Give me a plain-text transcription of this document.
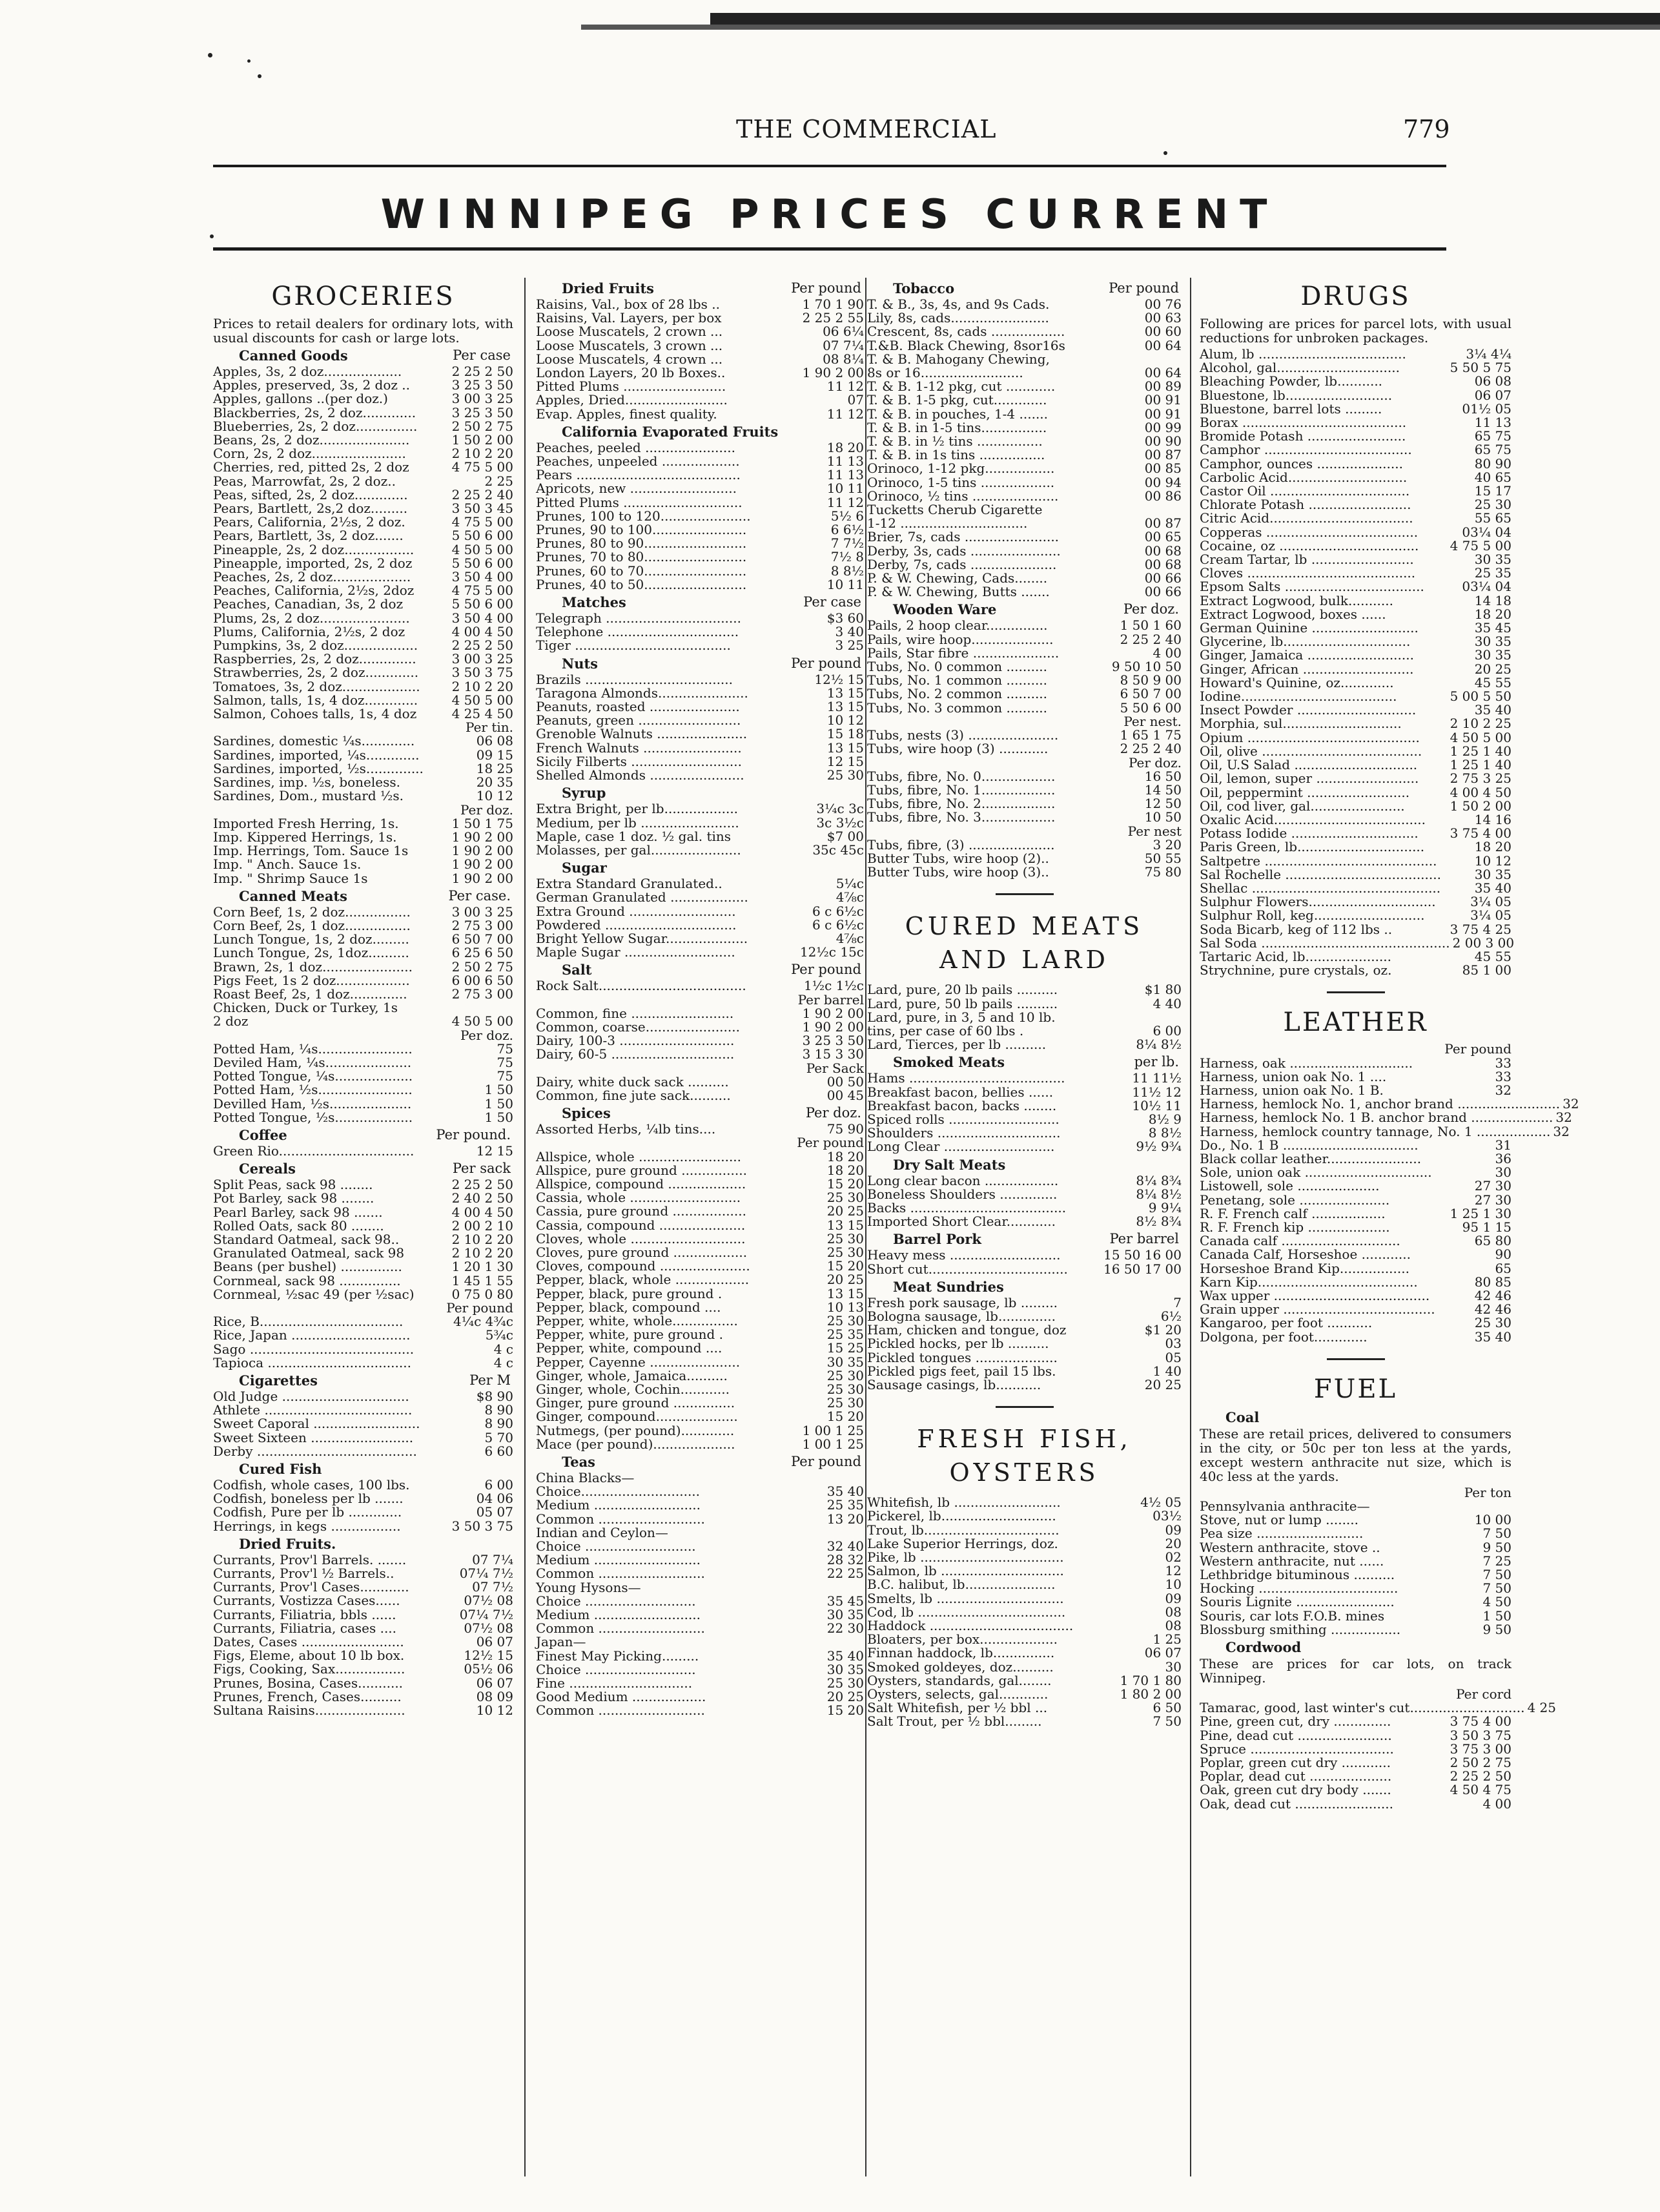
THE COMMERCIAL	779
WINNIPEG PRICES CURRENT
GROCERIES
Prices to retail dealers for ordinary lots, with usual discounts for cash or large lots.
Canned Goods	Per case
Apples, 3s, 2 doz...................	2 25 2 50
Apples, preserved, 3s, 2 doz ..	3 25 3 50
Apples, gallons ..(per doz.)	3 00 3 25
Blackberries, 2s, 2 doz.............	3 25 3 50
Blueberries, 2s, 2 doz...............	2 50 2 75
Beans, 2s, 2 doz......................	1 50 2 00
Corn, 2s, 2 doz.......................	2 10 2 20
Cherries, red, pitted 2s, 2 doz	4 75 5 00
Peas, Marrowfat, 2s, 2 doz..	2 25
Peas, sifted, 2s, 2 doz.............	2 25 2 40
Pears, Bartlett, 2s,2 doz.........	3 50 3 45
Pears, California, 2½s, 2 doz.	4 75 5 00
Pears, Bartlett, 3s, 2 doz.......	5 50 6 00
Pineapple, 2s, 2 doz.................	4 50 5 00
Pineapple, imported, 2s, 2 doz	5 50 6 00
Peaches, 2s, 2 doz...................	3 50 4 00
Peaches, California, 2½s, 2doz	4 75 5 00
Peaches, Canadian, 3s, 2 doz	5 50 6 00
Plums, 2s, 2 doz......................	3 50 4 00
Plums, California, 2½s, 2 doz	4 00 4 50
Pumpkins, 3s, 2 doz..................	2 25 2 50
Raspberries, 2s, 2 doz..............	3 00 3 25
Strawberries, 2s, 2 doz.............	3 50 3 75
Tomatoes, 3s, 2 doz...................	2 10 2 20
Salmon, talls, 1s, 4 doz.............	4 50 5 00
Salmon, Cohoes talls, 1s, 4 doz	4 25 4 50
Per tin.
Sardines, domestic ¼s.............	06 08
Sardines, imported, ¼s.............	09 15
Sardines, imported, ½s..............	18 25
Sardines, imp. ½s, boneless.	20 35
Sardines, Dom., mustard ½s.	10 12
Per doz.
Imported Fresh Herring, 1s.	1 50 1 75
Imp. Kippered Herrings, 1s.	1 90 2 00
Imp. Herrings, Tom. Sauce 1s	1 90 2 00
Imp. " Anch. Sauce 1s.	1 90 2 00
Imp. " Shrimp Sauce 1s	1 90 2 00
Canned Meats	Per case.
Corn Beef, 1s, 2 doz................	3 00 3 25
Corn Beef, 2s, 1 doz................	2 75 3 00
Lunch Tongue, 1s, 2 doz.........	6 50 7 00
Lunch Tongue, 2s, 1doz..........	6 25 6 50
Brawn, 2s, 1 doz......................	2 50 2 75
Pigs Feet, 1s 2 doz..................	6 00 6 50
Roast Beef, 2s, 1 doz..............	2 75 3 00
Chicken, Duck or Turkey, 1s
2 doz	4 50 5 00
Per doz.
Potted Ham, ¼s.......................	75
Deviled Ham, ¼s.....................	75
Potted Tongue, ¼s...................	75
Potted Ham, ½s.......................	1 50
Devilled Ham, ½s....................	1 50
Potted Tongue, ½s...................	1 50
Coffee	Per pound.
Green Rio.................................	12 15
Cereals	Per sack
Split Peas, sack 98 ........	2 25 2 50
Pot Barley, sack 98 ........	2 40 2 50
Pearl Barley, sack 98 .......	4 00 4 50
Rolled Oats, sack 80 ........	2 00 2 10
Standard Oatmeal, sack 98..	2 10 2 20
Granulated Oatmeal, sack 98	2 10 2 20
Beans (per bushel) ...............	1 20 1 30
Cornmeal, sack 98 ...............	1 45 1 55
Cornmeal, ½sac 49 (per ½sac)	0 75 0 80
Per pound
Rice, B...................................	4¼c 4¾c
Rice, Japan .............................	5¾c
Sago ........................................	4 c
Tapioca ...................................	4 c
Cigarettes	Per M
Old Judge ...............................	$8 90
Athlete ....................................	8 90
Sweet Caporal ..........................	8 90
Sweet Sixteen .........................	5 70
Derby .......................................	6 60
Cured Fish
Codfish, whole cases, 100 lbs.	6 00
Codfish, boneless per lb .......	04 06
Codfish, Pure per lb .............	05 07
Herrings, in kegs .................	3 50 3 75
Dried Fruits.
Currants, Prov'l Barrels. .......	07 7¼
Currants, Prov'l ½ Barrels..	07¼ 7½
Currants, Prov'l Cases............	07 7½
Currants, Vostizza Cases......	07½ 08
Currants, Filiatria, bbls ......	07¼ 7½
Currants, Filiatria, cases ....	07½ 08
Dates, Cases .........................	06 07
Figs, Eleme, about 10 lb box.	12½ 15
Figs, Cooking, Sax.................	05½ 06
Prunes, Bosina, Cases...........	06 07
Prunes, French, Cases..........	08 09
Sultana Raisins......................	10 12
Dried Fruits	Per pound
Raisins, Val., box of 28 lbs ..	1 70 1 90
Raisins, Val. Layers, per box	2 25 2 55
Loose Muscatels, 2 crown ...	06 6¼
Loose Muscatels, 3 crown ...	07 7¼
Loose Muscatels, 4 crown ...	08 8¼
London Layers, 20 lb Boxes..	1 90 2 00
Pitted Plums .........................	11 12
Apples, Dried.........................	07
Evap. Apples, finest quality.	11 12
California Evaporated Fruits
Peaches, peeled ......................	18 20
Peaches, unpeeled ...................	11 13
Pears ........................................	11 13
Apricots, new ..........................	10 11
Pitted Plums .............................	11 12
Prunes, 100 to 120......................	5½ 6
Prunes, 90 to 100.......................	6 6½
Prunes, 80 to 90.........................	7 7½
Prunes, 70 to 80.........................	7½ 8
Prunes, 60 to 70.........................	8 8½
Prunes, 40 to 50.........................	10 11
Matches	Per case
Telegraph .................................	$3 60
Telephone ................................	3 40
Tiger ......................................	3 25
Nuts	Per pound
Brazils ....................................	12½ 15
Taragona Almonds......................	13 15
Peanuts, roasted ......................	13 15
Peanuts, green .........................	10 12
Grenoble Walnuts ......................	15 18
French Walnuts ........................	13 15
Sicily Filberts ...........................	12 15
Shelled Almonds .......................	25 30
Syrup
Extra Bright, per lb..................	3¼c 3c
Medium, per lb ........................	3c 3½c
Maple, case 1 doz. ½ gal. tins	$7 00
Molasses, per gal......................	35c 45c
Sugar
Extra Standard Granulated..	5¼c
German Granulated ...................	4⅞c
Extra Ground ..........................	6 c 6½c
Powdered ................................	6 c 6½c
Bright Yellow Sugar....................	4⅞c
Maple Sugar ...........................	12½c 15c
Salt	Per pound
Rock Salt....................................	1½c 1½c
Per barrel
Common, fine .........................	1 90 2 00
Common, coarse.......................	1 90 2 00
Dairy, 100-3 ............................	3 25 3 50
Dairy, 60-5 ..............................	3 15 3 30
Per Sack
Dairy, white duck sack ..........	00 50
Common, fine jute sack..........	00 45
Spices	Per doz.
Assorted Herbs, ¼lb tins....	75 90
Per pound
Allspice, whole .........................	18 20
Allspice, pure ground ................	18 20
Allspice, compound ...................	15 20
Cassia, whole ...........................	25 30
Cassia, pure ground ..................	20 25
Cassia, compound .....................	13 15
Cloves, whole ............................	25 30
Cloves, pure ground ..................	25 30
Cloves, compound ......................	15 20
Pepper, black, whole ..................	20 25
Pepper, black, pure ground .	13 15
Pepper, black, compound ....	10 13
Pepper, white, whole................	25 30
Pepper, white, pure ground .	25 35
Pepper, white, compound ....	15 25
Pepper, Cayenne ......................	30 35
Ginger, whole, Jamaica..........	25 30
Ginger, whole, Cochin............	25 30
Ginger, pure ground ...............	25 30
Ginger, compound....................	15 20
Nutmegs, (per pound).............	1 00 1 25
Mace (per pound)....................	1 00 1 25
Teas	Per pound
China Blacks—
Choice.............................	35 40
Medium ..........................	25 35
Common ..........................	13 20
Indian and Ceylon—
Choice ...........................	32 40
Medium ..........................	28 32
Common ..........................	22 25
Young Hysons—
Choice ...........................	35 45
Medium ..........................	30 35
Common ..........................	22 30
Japan—
Finest May Picking.........	35 40
Choice ...........................	30 35
Fine ..............................	25 30
Good Medium ..................	20 25
Common ..........................	15 20
Tobacco	Per pound
T. & B., 3s, 4s, and 9s Cads.	00 76
Lily, 8s, cads........................	00 63
Crescent, 8s, cads ..................	00 60
T.&B. Black Chewing, 8sor16s	00 64
T. & B. Mahogany Chewing,
8s or 16.........................	00 64
T. & B. 1-12 pkg, cut ............	00 89
T. & B. 1-5 pkg, cut.............	00 91
T. & B. in pouches, 1-4 .......	00 91
T. & B. in 1-5 tins................	00 99
T. & B. in ½ tins ................	00 90
T. & B. in 1s tins ................	00 87
Orinoco, 1-12 pkg.................	00 85
Orinoco, 1-5 tins ..................	00 94
Orinoco, ½ tins .....................	00 86
Tucketts Cherub Cigarette
1-12 ...............................	00 87
Brier, 7s, cads .......................	00 65
Derby, 3s, cads ......................	00 68
Derby, 7s, cads .....................	00 68
P. & W. Chewing, Cads........	00 66
P. & W. Chewing, Butts .......	00 66
Wooden Ware	Per doz.
Pails, 2 hoop clear...............	1 50 1 60
Pails, wire hoop....................	2 25 2 40
Pails, Star fibre .....................	4 00
Tubs, No. 0 common ..........	9 50 10 50
Tubs, No. 1 common ..........	8 50 9 00
Tubs, No. 2 common ..........	6 50 7 00
Tubs, No. 3 common ..........	5 50 6 00
Per nest.
Tubs, nests (3) ......................	1 65 1 75
Tubs, wire hoop (3) ............	2 25 2 40
Per doz.
Tubs, fibre, No. 0..................	16 50
Tubs, fibre, No. 1..................	14 50
Tubs, fibre, No. 2..................	12 50
Tubs, fibre, No. 3..................	10 50
Per nest
Tubs, fibre, (3) .....................	3 20
Butter Tubs, wire hoop (2)..	50 55
Butter Tubs, wire hoop (3)..	75 80
CURED MEATS AND LARD
Lard, pure, 20 lb pails ..........	$1 80
Lard, pure, 50 lb pails ..........	4 40
Lard, pure, in 3, 5 and 10 lb.
tins, per case of 60 lbs .	6 00
Lard, Tierces, per lb ..........	8¼ 8½
Smoked Meats	per lb.
Hams ......................................	11 11½
Breakfast bacon, bellies ......	11½ 12
Breakfast bacon, backs ........	10½ 11
Spiced rolls ...........................	8½ 9
Shoulders ..............................	8 8½
Long Clear ...........................	9½ 9¾
Dry Salt Meats
Long clear bacon ..................	8¼ 8¾
Boneless Shoulders ..............	8¼ 8½
Backs ......................................	9 9¼
Imported Short Clear............	8½ 8¾
Barrel Pork	Per barrel
Heavy mess ...........................	15 50 16 00
Short cut..................................	16 50 17 00
Meat Sundries
Fresh pork sausage, lb .........	7
Bologna sausage, lb..............	6½
Ham, chicken and tongue, doz	$1 20
Pickled hocks, per lb ..........	03
Pickled tongues ....................	05
Pickled pigs feet, pail 15 lbs.	1 40
Sausage casings, lb...........	20 25
FRESH FISH, OYSTERS
Whitefish, lb ..........................	4½ 05
Pickerel, lb............................	03½
Trout, lb.................................	09
Lake Superior Herrings, doz.	20
Pike, lb ...................................	02
Salmon, lb ..............................	12
B.C. halibut, lb......................	10
Smelts, lb ...............................	09
Cod, lb ....................................	08
Haddock ...................................	08
Bloaters, per box...................	1 25
Finnan haddock, lb...............	06 07
Smoked goldeyes, doz..........	30
Oysters, standards, gal........	1 70 1 80
Oysters, selects, gal............	1 80 2 00
Salt Whitefish, per ½ bbl ...	6 50
Salt Trout, per ½ bbl.........	7 50
DRUGS
Following are prices for parcel lots, with usual reductions for unbroken packages.
Alum, lb ....................................	3¼ 4¼
Alcohol, gal..............................	5 50 5 75
Bleaching Powder, lb...........	06 08
Bluestone, lb..........................	06 07
Bluestone, barrel lots .........	01½ 05
Borax ........................................	11 13
Bromide Potash ........................	65 75
Camphor ....................................	65 75
Camphor, ounces .....................	80 90
Carbolic Acid.............................	40 65
Castor Oil ..................................	15 17
Chlorate Potash .........................	25 30
Citric Acid...................................	55 65
Copperas .....................................	03¼ 04
Cocaine, oz ..................................	4 75 5 00
Cream Tartar, lb .........................	30 35
Cloves .........................................	25 35
Epsom Salts ..................................	03¼ 04
Extract Logwood, bulk...........	14 18
Extract Logwood, boxes ......	18 20
German Quinine ..........................	35 45
Glycerine, lb...............................	30 35
Ginger, Jamaica ..........................	30 35
Ginger, African ...........................	20 25
Howard's Quinine, oz.............	45 55
Iodine......................................	5 00 5 50
Insect Powder .............................	35 40
Morphia, sul.............................	2 10 2 25
Opium ..........................................	4 50 5 00
Oil, olive .......................................	1 25 1 40
Oil, U.S Salad ..............................	1 25 1 40
Oil, lemon, super .........................	2 75 3 25
Oil, peppermint .........................	4 00 4 50
Oil, cod liver, gal.......................	1 50 2 00
Oxalic Acid.....................................	14 16
Potass Iodide ...............................	3 75 4 00
Paris Green, lb...............................	18 20
Saltpetre ..........................................	10 12
Sal Rochelle ......................................	30 35
Shellac ..............................................	35 40
Sulphur Flowers...............................	3¼ 05
Sulphur Roll, keg...........................	3¼ 05
Soda Bicarb, keg of 112 lbs ..	3 75 4 25
Sal Soda .............................................. 2 00 3 00
Tartaric Acid, lb.....................	45 55
Strychnine, pure crystals, oz.	85 1 00
LEATHER
Per pound
Harness, oak ..............................	33
Harness, union oak No. 1 ....	33
Harness, union oak No. 1 B.	32
Harness, hemlock No. 1, anchor brand ......................... 32
Harness, hemlock No. 1 B. anchor brand .................... 32
Harness, hemlock country tannage, No. 1 .................. 32
Do., No. 1 B .................................	31
Black collar leather.......................	36
Sole, union oak ...............................	30
Listowell, sole ....................	27 30
Penetang, sole ......................	27 30
R. F. French calf ..................	1 25 1 30
R. F. French kip ....................	95 1 15
Canada calf .............................	65 80
Canada Calf, Horseshoe ............	90
Horseshoe Brand Kip.................	65
Karn Kip.......................................	80 85
Wax upper ......................................	42 46
Grain upper .....................................	42 46
Kangaroo, per foot ...........	25 30
Dolgona, per foot.............	35 40
FUEL
Coal
These are retail prices, delivered to consumers in the city, or 50c per ton less at the yards, except western anthracite nut size, which is 40c less at the yards.
Per ton
Pennsylvania anthracite—
Stove, nut or lump ........	10 00
Pea size ..........................	7 50
Western anthracite, stove ..	9 50
Western anthracite, nut ......	7 25
Lethbridge bituminous ..........	7 50
Hocking ..................................	7 50
Souris Lignite ........................	4 50
Souris, car lots F.O.B. mines	1 50
Blossburg smithing .................	9 50
Cordwood
These are prices for car lots, on track Winnipeg.
Per cord
Tamarac, good, last winter's cut............................ 4 25
Pine, green cut, dry ..............	3 75 4 00
Pine, dead cut .......................	3 50 3 75
Spruce ...................................	3 75 3 00
Poplar, green cut dry ............	2 50 2 75
Poplar, dead cut ....................	2 25 2 50
Oak, green cut dry body .......	4 50 4 75
Oak, dead cut ........................	4 00
